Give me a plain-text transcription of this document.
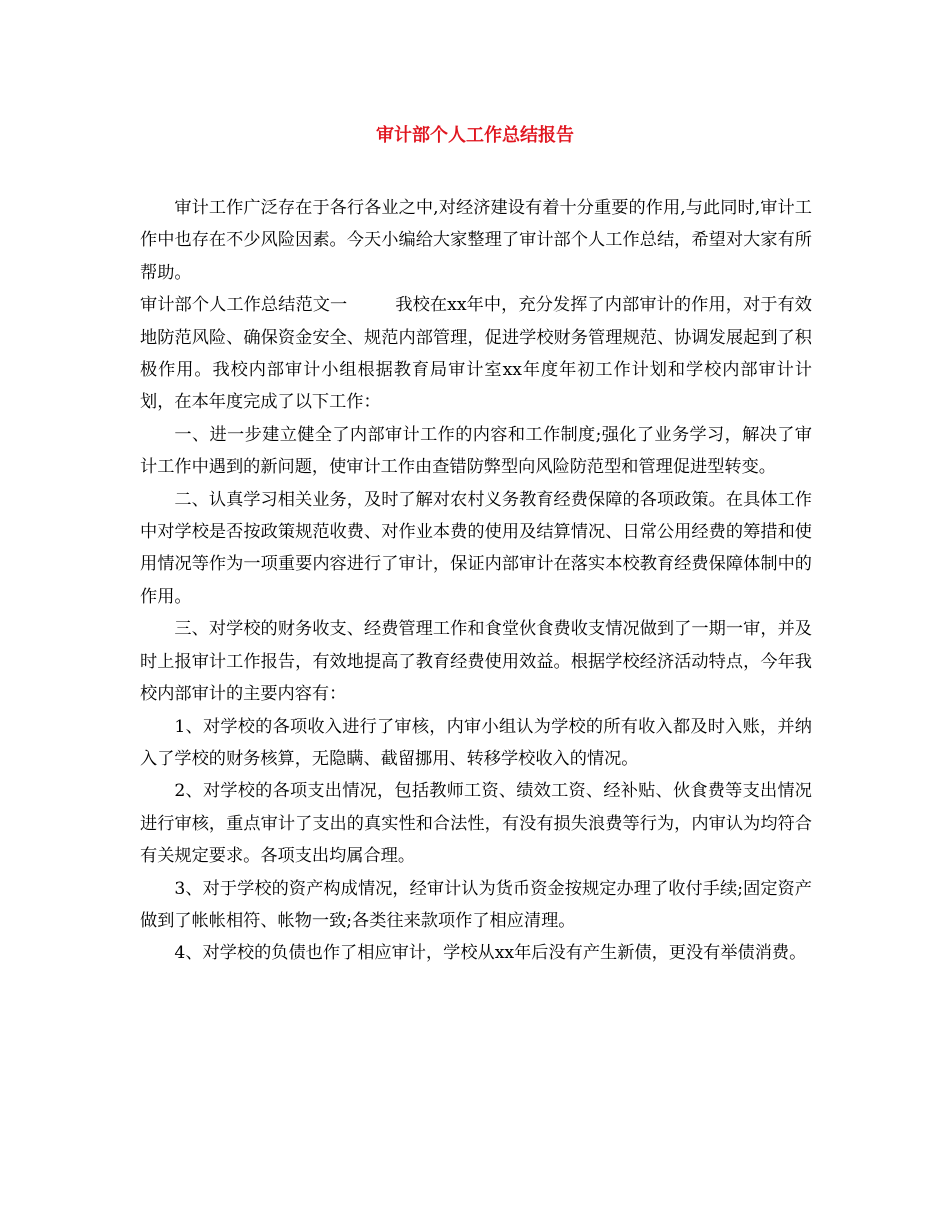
审计部个人工作总结报告

审计工作广泛存在于各行各业之中,对经济建设有着十分重要的作用,与此同时,审计工作中也存在不少风险因素。今天小编给大家整理了审计部个人工作总结，希望对大家有所帮助。

审计部个人工作总结范文一	我校在xx年中，充分发挥了内部审计的作用，对于有效地防范风险、确保资金安全、规范内部管理，促进学校财务管理规范、协调发展起到了积极作用。我校内部审计小组根据教育局审计室xx年度年初工作计划和学校内部审计计划，在本年度完成了以下工作：

一、进一步建立健全了内部审计工作的内容和工作制度;强化了业务学习，解决了审计工作中遇到的新问题，使审计工作由查错防弊型向风险防范型和管理促进型转变。

二、认真学习相关业务，及时了解对农村义务教育经费保障的各项政策。在具体工作中对学校是否按政策规范收费、对作业本费的使用及结算情况、日常公用经费的筹措和使用情况等作为一项重要内容进行了审计，保证内部审计在落实本校教育经费保障体制中的作用。

三、对学校的财务收支、经费管理工作和食堂伙食费收支情况做到了一期一审，并及时上报审计工作报告，有效地提高了教育经费使用效益。根据学校经济活动特点，今年我校内部审计的主要内容有：

1、对学校的各项收入进行了审核，内审小组认为学校的所有收入都及时入账，并纳入了学校的财务核算，无隐瞒、截留挪用、转移学校收入的情况。

2、对学校的各项支出情况，包括教师工资、绩效工资、经补贴、伙食费等支出情况进行审核，重点审计了支出的真实性和合法性，有没有损失浪费等行为，内审认为均符合有关规定要求。各项支出均属合理。

3、对于学校的资产构成情况，经审计认为货币资金按规定办理了收付手续;固定资产做到了帐帐相符、帐物一致;各类往来款项作了相应清理。

4、对学校的负债也作了相应审计，学校从xx年后没有产生新债，更没有举债消费。
